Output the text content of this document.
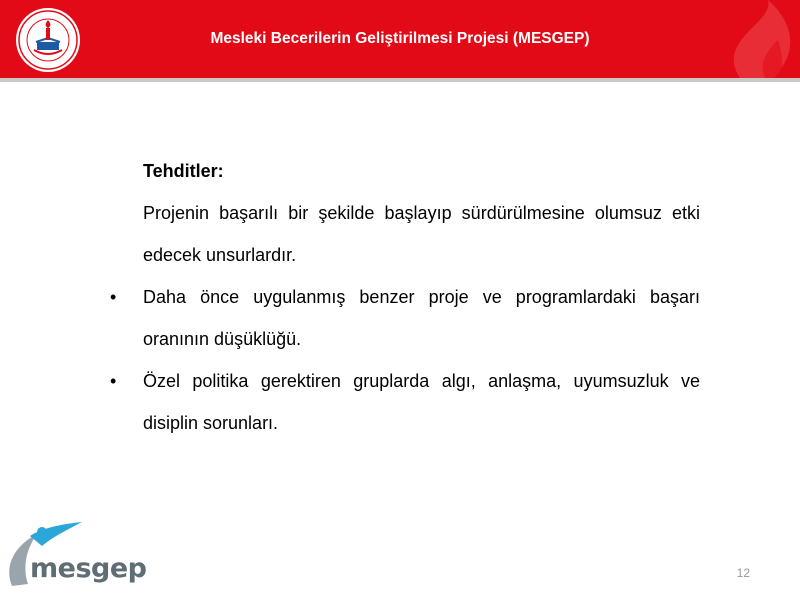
Mesleki Becerilerin Geliştirilmesi Projesi (MESGEP)
Tehditler:
Projenin başarılı bir şekilde başlayıp sürdürülmesine olumsuz etki edecek unsurlardır.
•	Daha önce uygulanmış benzer proje ve programlardaki başarı oranının düşüklüğü.
•	Özel politika gerektiren gruplarda algı, anlaşma, uyumsuzluk ve disiplin sorunları.
mesgep	12
